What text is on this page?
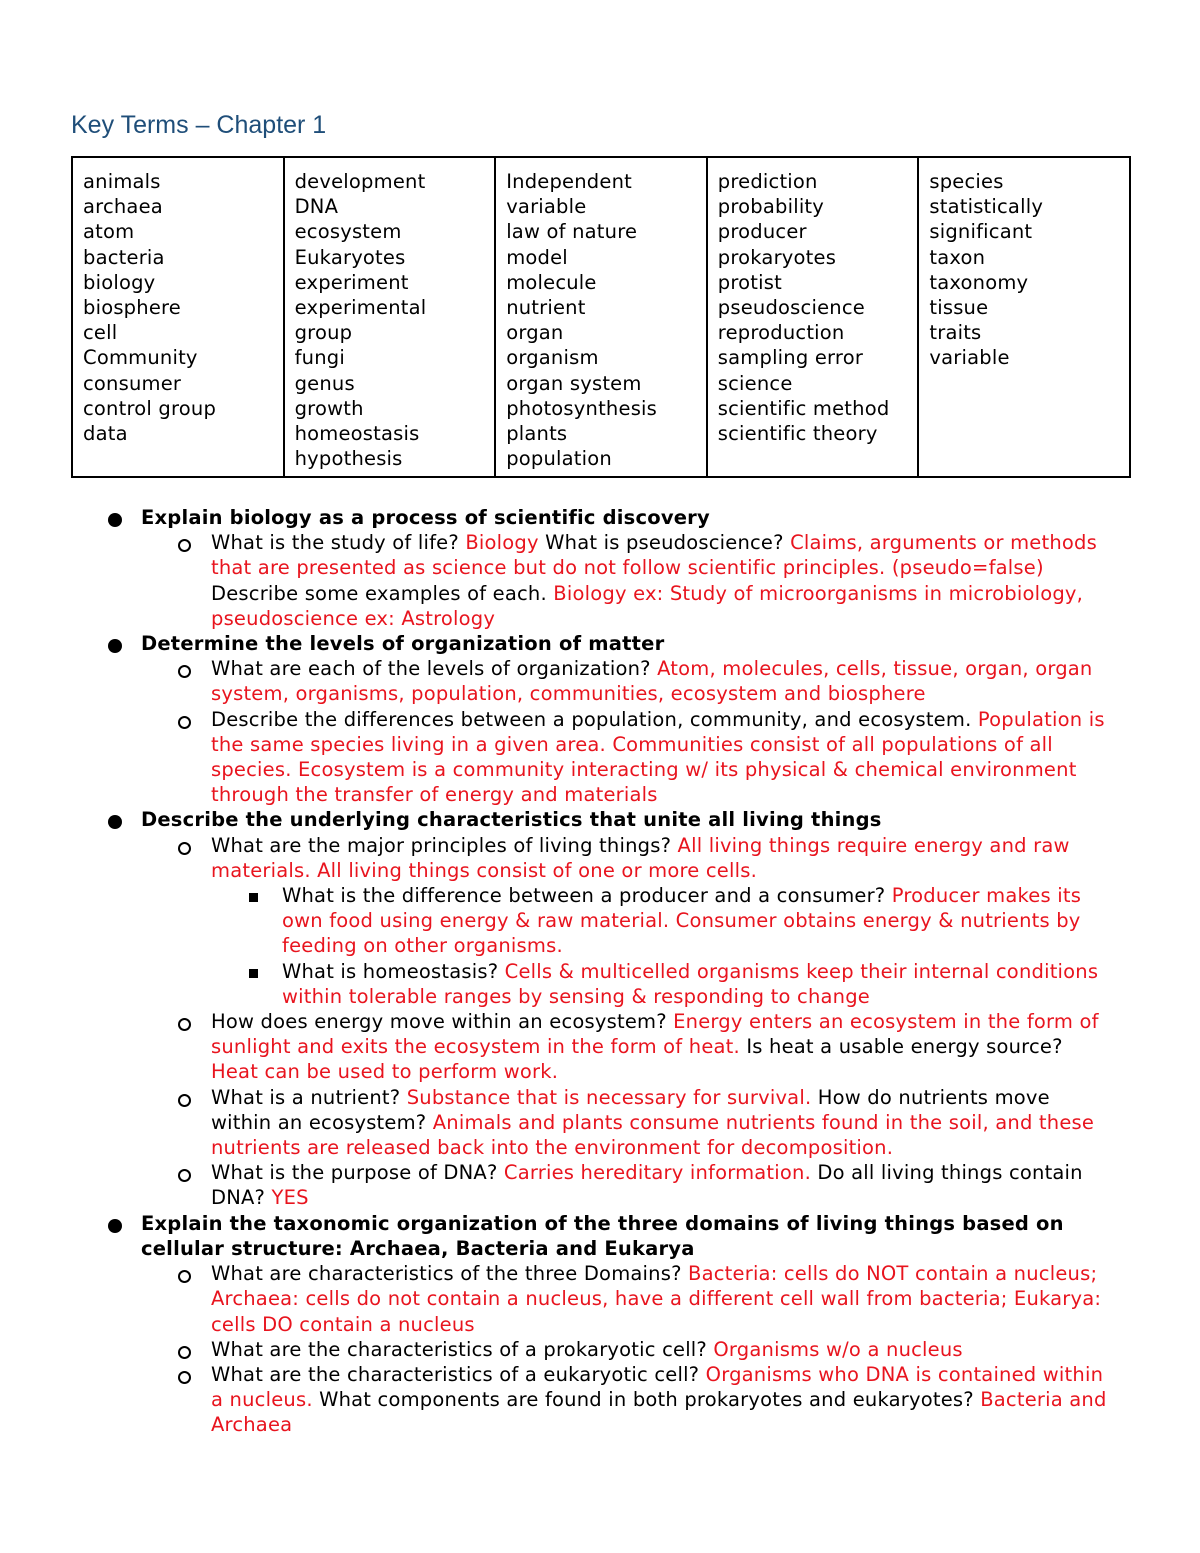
Key Terms – Chapter 1
animals
archaea
atom
bacteria
biology
biosphere
cell
Community
consumer
control group
data

development
DNA
ecosystem
Eukaryotes
experiment
experimental
group
fungi
genus
growth
homeostasis
hypothesis

Independent
variable
law of nature
model
molecule
nutrient
organ
organism
organ system
photosynthesis
plants
population

prediction
probability
producer
prokaryotes
protist
pseudoscience
reproduction
sampling error
science
scientific method
scientific theory

species
statistically
significant
taxon
taxonomy
tissue
traits
variable
Explain biology as a process of scientific discovery
What is the study of life? Biology What is pseudoscience? Claims, arguments or methods that are presented as science but do not follow scientific principles. (pseudo=false) Describe some examples of each. Biology ex: Study of microorganisms in microbiology, pseudoscience ex: Astrology
Determine the levels of organization of matter
What are each of the levels of organization? Atom, molecules, cells, tissue, organ, organ system, organisms, population, communities, ecosystem and biosphere
Describe the differences between a population, community, and ecosystem. Population is the same species living in a given area. Communities consist of all populations of all species. Ecosystem is a community interacting w/ its physical & chemical environment through the transfer of energy and materials
Describe the underlying characteristics that unite all living things
What are the major principles of living things? All living things require energy and raw materials. All living things consist of one or more cells.
What is the difference between a producer and a consumer? Producer makes its own food using energy & raw material. Consumer obtains energy & nutrients by feeding on other organisms.
What is homeostasis? Cells & multicelled organisms keep their internal conditions within tolerable ranges by sensing & responding to change
How does energy move within an ecosystem? Energy enters an ecosystem in the form of sunlight and exits the ecosystem in the form of heat. Is heat a usable energy source? Heat can be used to perform work.
What is a nutrient? Substance that is necessary for survival. How do nutrients move within an ecosystem? Animals and plants consume nutrients found in the soil, and these nutrients are released back into the environment for decomposition.
What is the purpose of DNA? Carries hereditary information. Do all living things contain DNA? YES
Explain the taxonomic organization of the three domains of living things based on cellular structure: Archaea, Bacteria and Eukarya
What are characteristics of the three Domains? Bacteria: cells do NOT contain a nucleus; Archaea: cells do not contain a nucleus, have a different cell wall from bacteria; Eukarya: cells DO contain a nucleus
What are the characteristics of a prokaryotic cell? Organisms w/o a nucleus
What are the characteristics of a eukaryotic cell? Organisms who DNA is contained within a nucleus. What components are found in both prokaryotes and eukaryotes? Bacteria and Archaea
